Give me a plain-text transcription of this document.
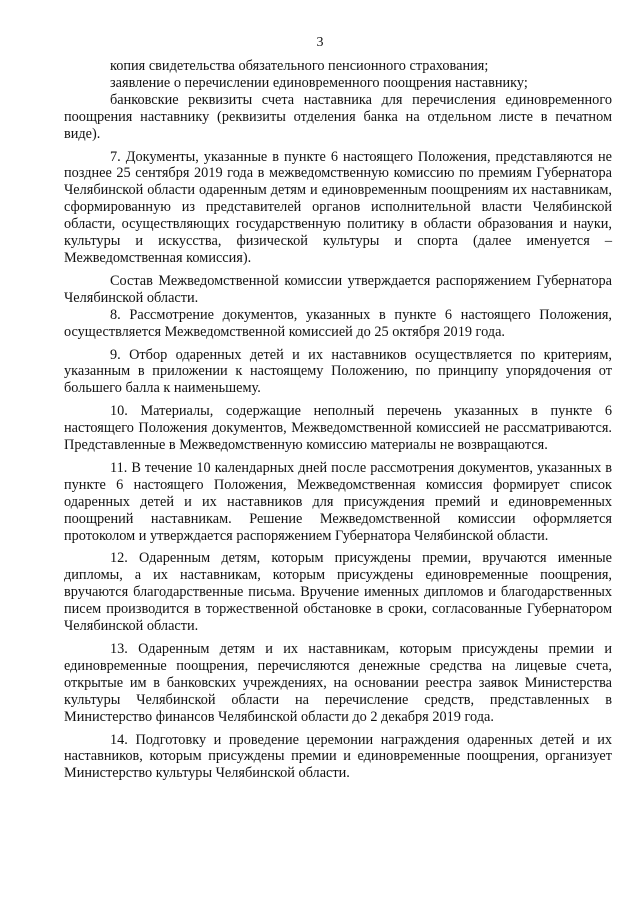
3

копия свидетельства обязательного пенсионного страхования;

заявление о перечислении единовременного поощрения наставнику;

банковские реквизиты счета наставника для перечисления единовременного поощрения наставнику (реквизиты отделения банка на отдельном листе в печатном виде).

7. Документы, указанные в пункте 6 настоящего Положения, представляются не позднее 25 сентября 2019 года в межведомственную комиссию по премиям Губернатора Челябинской области одаренным детям и единовременным поощрениям их наставникам, сформированную из представителей органов исполнительной власти Челябинской области, осуществляющих государственную политику в области образования и науки, культуры и искусства, физической культуры и спорта (далее именуется – Межведомственная комиссия).

Состав Межведомственной комиссии утверждается распоряжением Губернатора Челябинской области.

8. Рассмотрение документов, указанных в пункте 6 настоящего Положения, осуществляется Межведомственной комиссией до 25 октября 2019 года.

9. Отбор одаренных детей и их наставников осуществляется по критериям, указанным в приложении к настоящему Положению, по принципу упорядочения от большего балла к наименьшему.

10. Материалы, содержащие неполный перечень указанных в пункте 6 настоящего Положения документов, Межведомственной комиссией не рассматриваются. Представленные в Межведомственную комиссию материалы не возвращаются.

11. В течение 10 календарных дней после рассмотрения документов, указанных в пункте 6 настоящего Положения, Межведомственная комиссия формирует список одаренных детей и их наставников для присуждения премий и единовременных поощрений наставникам. Решение Межведомственной комиссии оформляется протоколом и утверждается распоряжением Губернатора Челябинской области.

12. Одаренным детям, которым присуждены премии, вручаются именные дипломы, а их наставникам, которым присуждены единовременные поощрения, вручаются благодарственные письма. Вручение именных дипломов и благодарственных писем производится в торжественной обстановке в сроки, согласованные Губернатором Челябинской области.

13. Одаренным детям и их наставникам, которым присуждены премии и единовременные поощрения, перечисляются денежные средства на лицевые счета, открытые им в банковских учреждениях, на основании реестра заявок Министерства культуры Челябинской области на перечисление средств, представленных в Министерство финансов Челябинской области до 2 декабря 2019 года.

14. Подготовку и проведение церемонии награждения одаренных детей и их наставников, которым присуждены премии и единовременные поощрения, организует Министерство культуры Челябинской области.
